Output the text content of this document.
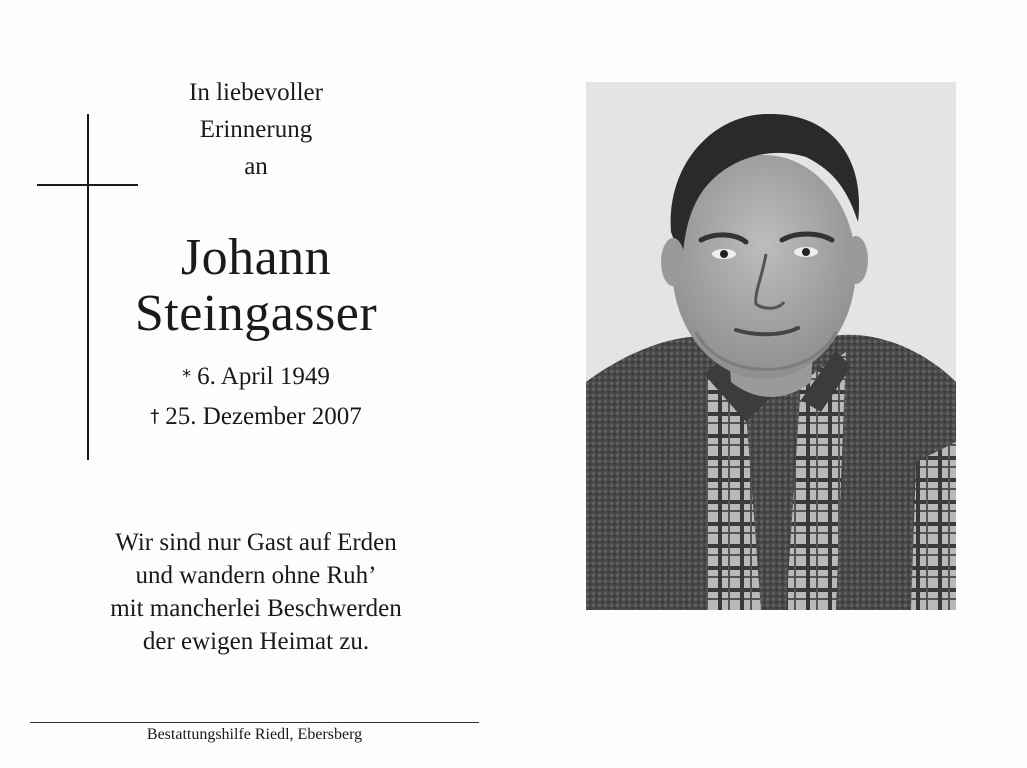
In liebevoller
Erinnerung
an
Johann
Steingasser
* 6. April 1949
† 25. Dezember 2007
Wir sind nur Gast auf Erden
und wandern ohne Ruh’
mit mancherlei Beschwerden
der ewigen Heimat zu.
Bestattungshilfe Riedl, Ebersberg
